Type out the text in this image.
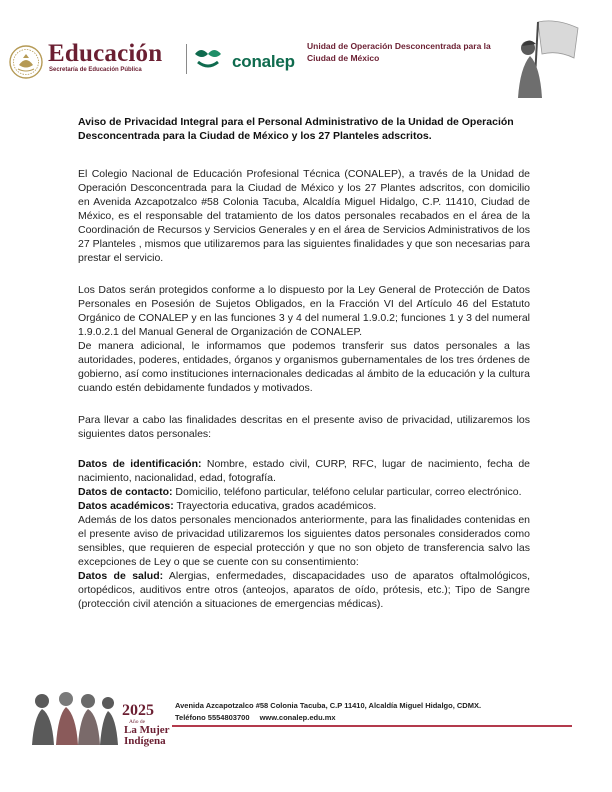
Educación
Secretaría de Educación Pública	conalep
Unidad de Operación Desconcentrada para la Ciudad de México

Aviso de Privacidad Integral para el Personal Administrativo de la Unidad de Operación Desconcentrada para la Ciudad de México y los 27 Planteles adscritos.

El Colegio Nacional de Educación Profesional Técnica (CONALEP), a través de la Unidad de Operación Desconcentrada para la Ciudad de México y los 27 Plantes adscritos, con domicilio en Avenida Azcapotzalco #58 Colonia Tacuba, Alcaldía Miguel Hidalgo, C.P. 11410, Ciudad de México, es el responsable del tratamiento de los datos personales recabados en el área de la Coordinación de Recursos y Servicios Generales y en el área de Servicios Administrativos de los 27 Planteles , mismos que utilizaremos para las siguientes finalidades y que son necesarias para prestar el servicio.

Los Datos serán protegidos conforme a lo dispuesto por la Ley General de Protección de Datos Personales en Posesión de Sujetos Obligados, en la Fracción VI del Artículo 46 del Estatuto Orgánico de CONALEP y en las funciones 3 y 4 del numeral 1.9.0.2; funciones 1 y 3 del numeral 1.9.0.2.1 del Manual General de Organización de CONALEP.

De manera adicional, le informamos que podemos transferir sus datos personales a las autoridades, poderes, entidades, órganos y organismos gubernamentales de los tres órdenes de gobierno, así como instituciones internacionales dedicadas al ámbito de la educación y la cultura cuando estén debidamente fundados y motivados.

Para llevar a cabo las finalidades descritas en el presente aviso de privacidad, utilizaremos los siguientes datos personales:

Datos de identificación: Nombre, estado civil, CURP, RFC, lugar de nacimiento, fecha de nacimiento, nacionalidad, edad, fotografía.

Datos de contacto: Domicilio, teléfono particular, teléfono celular particular, correo electrónico.

Datos académicos: Trayectoria educativa, grados académicos.

Además de los datos personales mencionados anteriormente, para las finalidades contenidas en el presente aviso de privacidad utilizaremos los siguientes datos personales considerados como sensibles, que requieren de especial protección y que no son objeto de transferencia salvo las excepciones de Ley o que se cuente con su consentimiento:

Datos de salud: Alergias, enfermedades, discapacidades uso de aparatos oftalmológicos, ortopédicos, auditivos entre otros (anteojos, aparatos de oído, prótesis, etc.); Tipo de Sangre (protección civil atención a situaciones de emergencias médicas).

2025
Año de
La Mujer Indígena
Avenida Azcapotzalco #58 Colonia Tacuba, C.P 11410, Alcaldía Miguel Hidalgo, CDMX.
Teléfono 5554803700 www.conalep.edu.mx
